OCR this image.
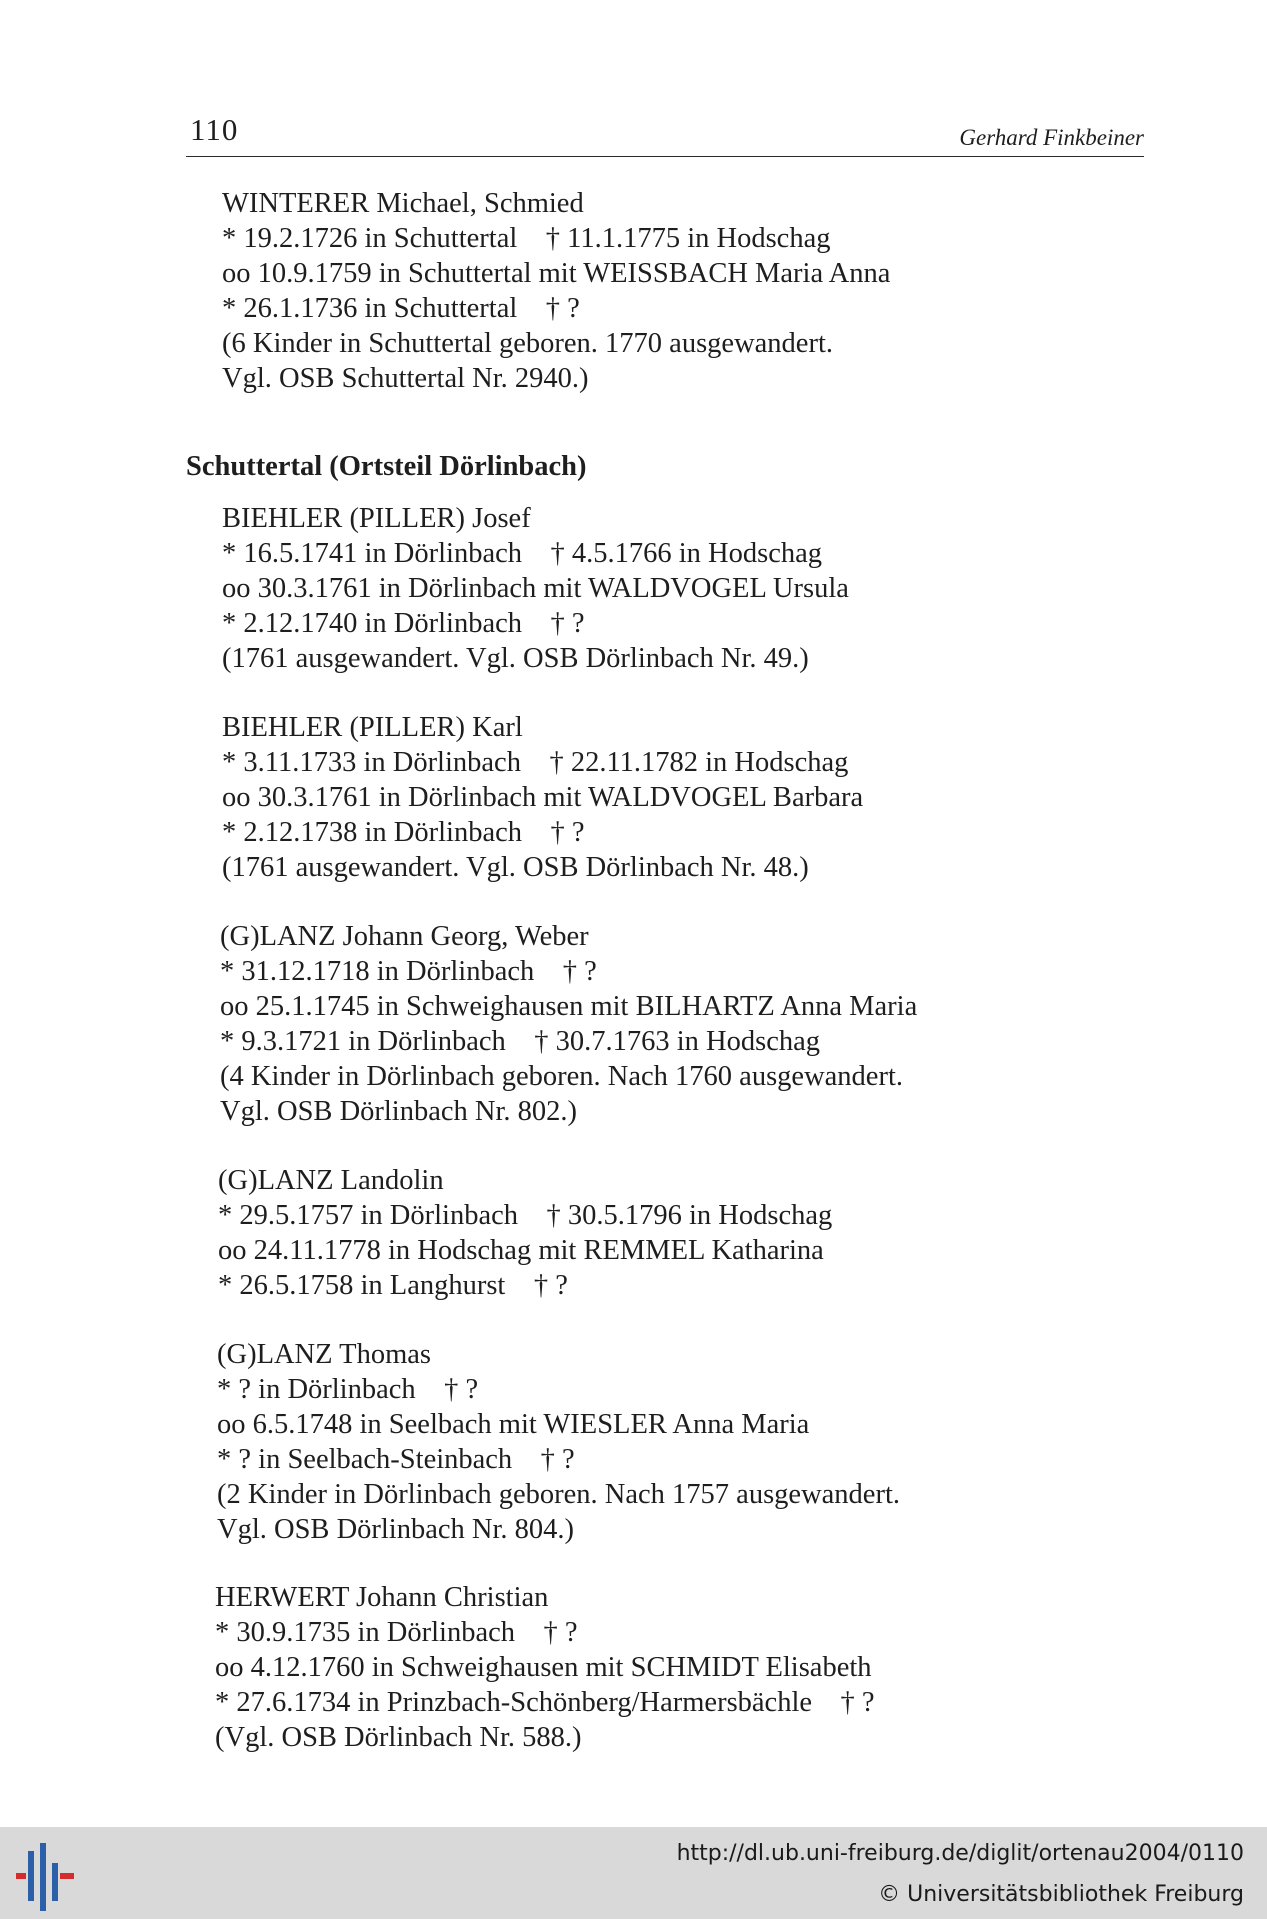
110	Gerhard Finkbeiner
WINTERER Michael, Schmied
* 19.2.1726 in Schuttertal    † 11.1.1775 in Hodschag
oo 10.9.1759 in Schuttertal mit WEISSBACH Maria Anna
* 26.1.1736 in Schuttertal    † ?
(6 Kinder in Schuttertal geboren. 1770 ausgewandert.
Vgl. OSB Schuttertal Nr. 2940.)
Schuttertal (Ortsteil Dörlinbach)
BIEHLER (PILLER) Josef
* 16.5.1741 in Dörlinbach    † 4.5.1766 in Hodschag
oo 30.3.1761 in Dörlinbach mit WALDVOGEL Ursula
* 2.12.1740 in Dörlinbach    † ?
(1761 ausgewandert. Vgl. OSB Dörlinbach Nr. 49.)
BIEHLER (PILLER) Karl
* 3.11.1733 in Dörlinbach    † 22.11.1782 in Hodschag
oo 30.3.1761 in Dörlinbach mit WALDVOGEL Barbara
* 2.12.1738 in Dörlinbach    † ?
(1761 ausgewandert. Vgl. OSB Dörlinbach Nr. 48.)
(G)LANZ Johann Georg, Weber
* 31.12.1718 in Dörlinbach    † ?
oo 25.1.1745 in Schweighausen mit BILHARTZ Anna Maria
* 9.3.1721 in Dörlinbach    † 30.7.1763 in Hodschag
(4 Kinder in Dörlinbach geboren. Nach 1760 ausgewandert.
Vgl. OSB Dörlinbach Nr. 802.)
(G)LANZ Landolin
* 29.5.1757 in Dörlinbach    † 30.5.1796 in Hodschag
oo 24.11.1778 in Hodschag mit REMMEL Katharina
* 26.5.1758 in Langhurst    † ?
(G)LANZ Thomas
* ? in Dörlinbach    † ?
oo 6.5.1748 in Seelbach mit WIESLER Anna Maria
* ? in Seelbach-Steinbach    † ?
(2 Kinder in Dörlinbach geboren. Nach 1757 ausgewandert.
Vgl. OSB Dörlinbach Nr. 804.)
HERWERT Johann Christian
* 30.9.1735 in Dörlinbach    † ?
oo 4.12.1760 in Schweighausen mit SCHMIDT Elisabeth
* 27.6.1734 in Prinzbach-Schönberg/Harmersbächle    † ?
(Vgl. OSB Dörlinbach Nr. 588.)
http://dl.ub.uni-freiburg.de/diglit/ortenau2004/0110
© Universitätsbibliothek Freiburg
